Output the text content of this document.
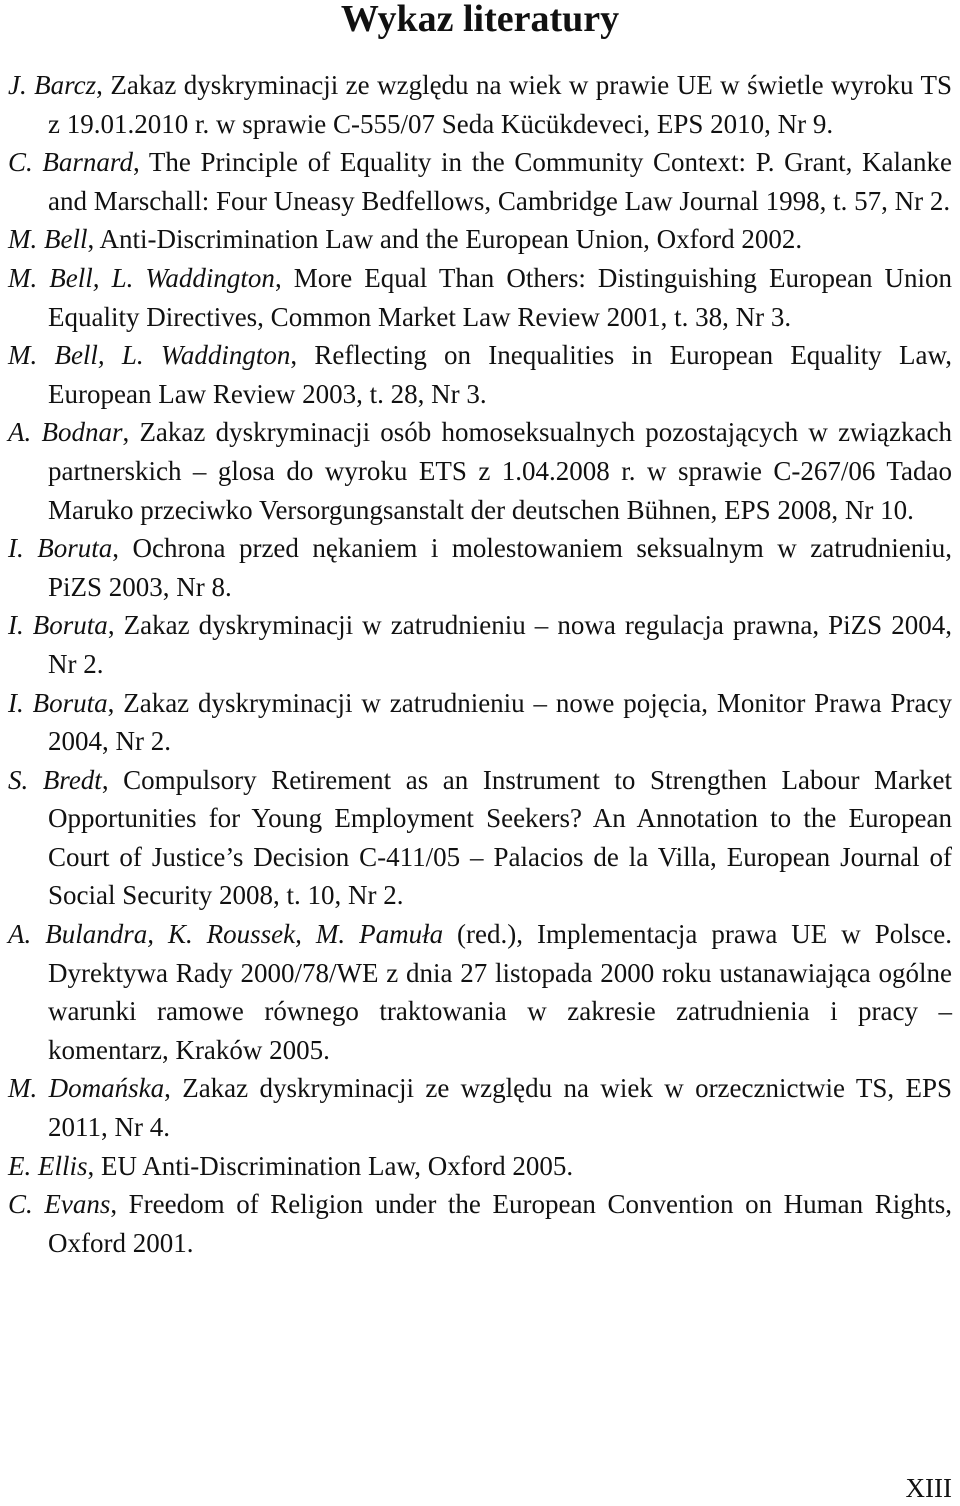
Wykaz literatury
J. Barcz, Zakaz dyskryminacji ze względu na wiek w prawie UE w świetle wyroku TS z 19.01.2010 r. w sprawie C-555/07 Seda Kücükdeveci, EPS 2010, Nr 9.
C. Barnard, The Principle of Equality in the Community Context: P. Grant, Kalanke and Marschall: Four Uneasy Bedfellows, Cambridge Law Journal 1998, t. 57, Nr 2.
M. Bell, Anti-Discrimination Law and the European Union, Oxford 2002.
M. Bell, L. Waddington, More Equal Than Others: Distinguishing European Union Equality Directives, Common Market Law Review 2001, t. 38, Nr 3.
M. Bell, L. Waddington, Reflecting on Inequalities in European Equality Law, European Law Review 2003, t. 28, Nr 3.
A. Bodnar, Zakaz dyskryminacji osób homoseksualnych pozostających w związkach partnerskich – glosa do wyroku ETS z 1.04.2008 r. w sprawie C-267/06 Tadao Maruko przeciwko Versorgungsanstalt der deutschen Bühnen, EPS 2008, Nr 10.
I. Boruta, Ochrona przed nękaniem i molestowaniem seksualnym w zatrudnieniu, PiZS 2003, Nr 8.
I. Boruta, Zakaz dyskryminacji w zatrudnieniu – nowa regulacja prawna, PiZS 2004, Nr 2.
I. Boruta, Zakaz dyskryminacji w zatrudnieniu – nowe pojęcia, Monitor Prawa Pracy 2004, Nr 2.
S. Bredt, Compulsory Retirement as an Instrument to Strengthen Labour Market Opportunities for Young Employment Seekers? An Annotation to the European Court of Justice’s Decision C-411/05 – Palacios de la Villa, European Journal of Social Security 2008, t. 10, Nr 2.
A. Bulandra, K. Roussek, M. Pamuła (red.), Implementacja prawa UE w Polsce. Dyrektywa Rady 2000/78/WE z dnia 27 listopada 2000 roku ustanawiająca ogólne warunki ramowe równego traktowania w zakresie zatrudnienia i pracy – komentarz, Kraków 2005.
M. Domańska, Zakaz dyskryminacji ze względu na wiek w orzecznictwie TS, EPS 2011, Nr 4.
E. Ellis, EU Anti-Discrimination Law, Oxford 2005.
C. Evans, Freedom of Religion under the European Convention on Human Rights, Oxford 2001.
XIII
